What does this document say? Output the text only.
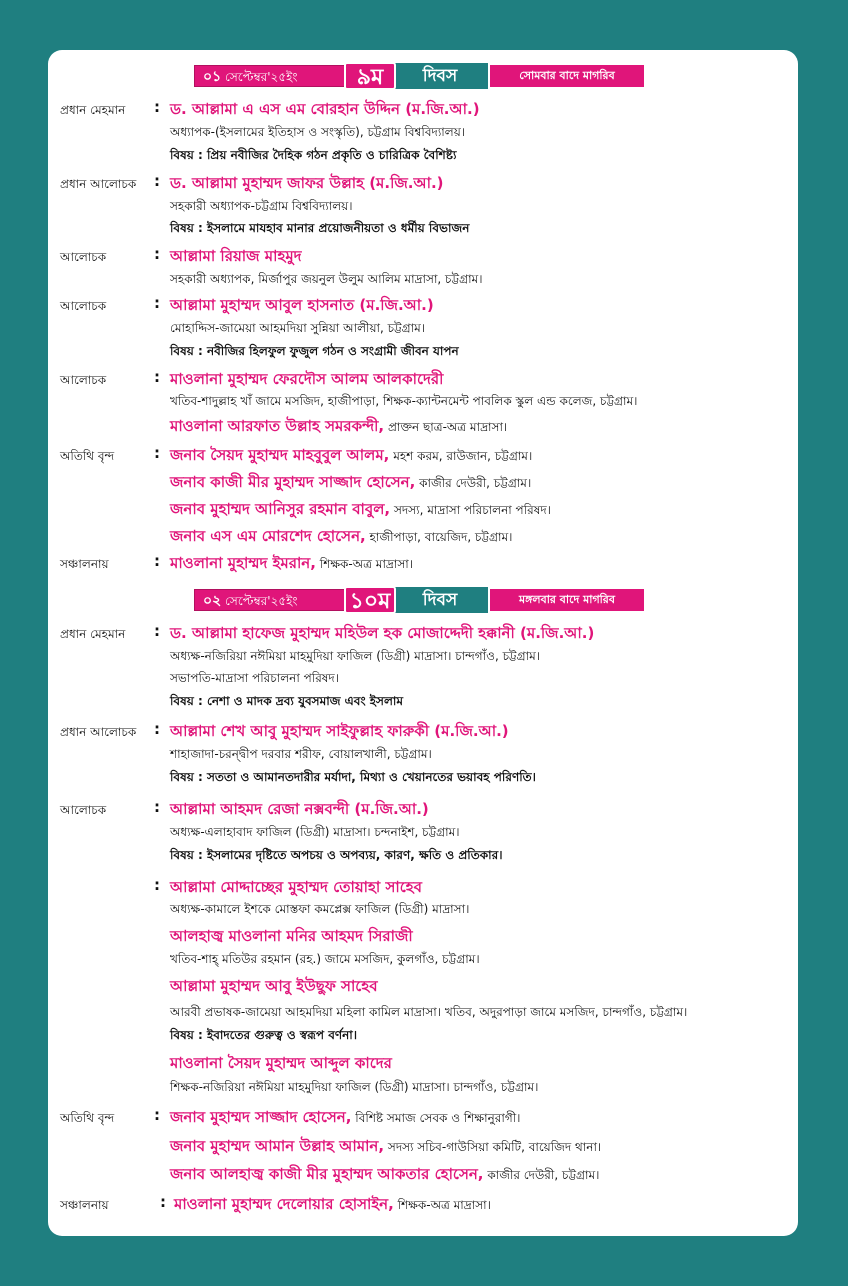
০১ সেপ্টেম্বর'২৫ইং	৯ম	দিবস	সোমবার বাদে মাগরিব
প্রধান মেহমান : ড. আল্লামা এ এস এম বোরহান উদ্দিন (ম.জি.আ.)
অধ্যাপক-(ইসলামের ইতিহাস ও সংস্কৃতি), চট্টগ্রাম বিশ্ববিদ্যালয়।
বিষয় : প্রিয় নবীজির দৈহিক গঠন প্রকৃতি ও চারিত্রিক বৈশিষ্ট্য
প্রধান আলোচক : ড. আল্লামা মুহাম্মদ জাফর উল্লাহ (ম.জি.আ.)
সহকারী অধ্যাপক-চট্টগ্রাম বিশ্ববিদ্যালয়।
বিষয় : ইসলামে মাযহাব মানার প্রয়োজনীয়তা ও ধর্মীয় বিভাজন
আলোচক	: আল্লামা রিয়াজ মাহমুদ
সহকারী অধ্যাপক, মির্জাপুর জয়নুল উলুম আলিম মাদ্রাসা, চট্টগ্রাম।
আলোচক	: আল্লামা মুহাম্মদ আবুল হাসনাত (ম.জি.আ.)
মোহাদ্দিস-জামেয়া আহমদিয়া সুন্নিয়া আলীয়া, চট্টগ্রাম।
বিষয় : নবীজির হিলফুল ফুজুল গঠন ও সংগ্রামী জীবন যাপন
আলোচক	: মাওলানা মুহাম্মদ ফেরদৌস আলম আলকাদেরী
খতিব-শাদুল্লাহ খাঁ জামে মসজিদ, হাজীপাড়া, শিক্ষক-ক্যান্টনমেন্ট পাবলিক স্কুল এন্ড কলেজ, চট্টগ্রাম।
মাওলানা আরফাত উল্লাহ সমরকন্দী, প্রাক্তন ছাত্র-অত্র মাদ্রাসা।
অতিথি বৃন্দ	: জনাব সৈয়দ মুহাম্মদ মাহবুবুল আলম, মহশ করম, রাউজান, চট্টগ্রাম।
জনাব কাজী মীর মুহাম্মদ সাজ্জাদ হোসেন, কাজীর দেউরী, চট্টগ্রাম।
জনাব মুহাম্মদ আনিসুর রহমান বাবুল, সদস্য, মাদ্রাসা পরিচালনা পরিষদ।
জনাব এস এম মোরশেদ হোসেন, হাজীপাড়া, বায়েজিদ, চট্টগ্রাম।
সঞ্চালনায়	: মাওলানা মুহাম্মদ ইমরান, শিক্ষক-অত্র মাদ্রাসা।
০২ সেপ্টেম্বর'২৫ইং	১০ম	দিবস	মঙ্গলবার বাদে মাগরিব
প্রধান মেহমান : ড. আল্লামা হাফেজ মুহাম্মদ মহিউল হক মোজাদ্দেদী হক্কানী (ম.জি.আ.)
অধ্যক্ষ-নজিরিয়া নঈমিয়া মাহমুদিয়া ফাজিল (ডিগ্রী) মাদ্রাসা। চান্দগাঁও, চট্টগ্রাম।
সভাপতি-মাদ্রাসা পরিচালনা পরিষদ।
বিষয় : নেশা ও মাদক দ্রব্য যুবসমাজ এবং ইসলাম
প্রধান আলোচক : আল্লামা শেখ আবু মুহাম্মদ সাইফুল্লাহ ফারুকী (ম.জি.আ.)
শাহাজাদা-চরন্দ্বীপ দরবার শরীফ, বোয়ালখালী, চট্টগ্রাম।
বিষয় : সততা ও আমানতদারীর মর্যাদা, মিথ্যা ও খেয়ানতের ভয়াবহ পরিণতি।
আলোচক	: আল্লামা আহমদ রেজা নক্সবন্দী (ম.জি.আ.)
অধ্যক্ষ-এলাহাবাদ ফাজিল (ডিগ্রী) মাদ্রাসা। চন্দনাইশ, চট্টগ্রাম।
বিষয় : ইসলামের দৃষ্টিতে অপচয় ও অপব্যয়, কারণ, ক্ষতি ও প্রতিকার।
: আল্লামা মোদ্দাচ্ছের মুহাম্মদ তোয়াহা সাহেব
অধ্যক্ষ-কামালে ইশকে মোস্তফা কমপ্লেক্স ফাজিল (ডিগ্রী) মাদ্রাসা।
আলহাজ্ব মাওলানা মনির আহমদ সিরাজী
খতিব-শাহ্ মতিউর রহমান (রহ.) জামে মসজিদ, কুলগাঁও, চট্টগ্রাম।
আল্লামা মুহাম্মদ আবু ইউছুফ সাহেব
আরবী প্রভাষক-জামেয়া আহমদিয়া মহিলা কামিল মাদ্রাসা। খতিব, অদুরপাড়া জামে মসজিদ, চান্দগাঁও, চট্টগ্রাম।
বিষয় : ইবাদতের গুরুত্ব ও স্বরূপ বর্ণনা।
মাওলানা সৈয়দ মুহাম্মদ আব্দুল কাদের
শিক্ষক-নজিরিয়া নঈমিয়া মাহমুদিয়া ফাজিল (ডিগ্রী) মাদ্রাসা। চান্দগাঁও, চট্টগ্রাম।
অতিথি বৃন্দ	: জনাব মুহাম্মদ সাজ্জাদ হোসেন, বিশিষ্ট সমাজ সেবক ও শিক্ষানুরাগী।
জনাব মুহাম্মদ আমান উল্লাহ আমান, সদস্য সচিব-গাউসিয়া কমিটি, বায়েজিদ থানা।
জনাব আলহাজ্ব কাজী মীর মুহাম্মদ আকতার হোসেন, কাজীর দেউরী, চট্টগ্রাম।
সঞ্চালনায়	: মাওলানা মুহাম্মদ দেলোয়ার হোসাইন, শিক্ষক-অত্র মাদ্রাসা।
